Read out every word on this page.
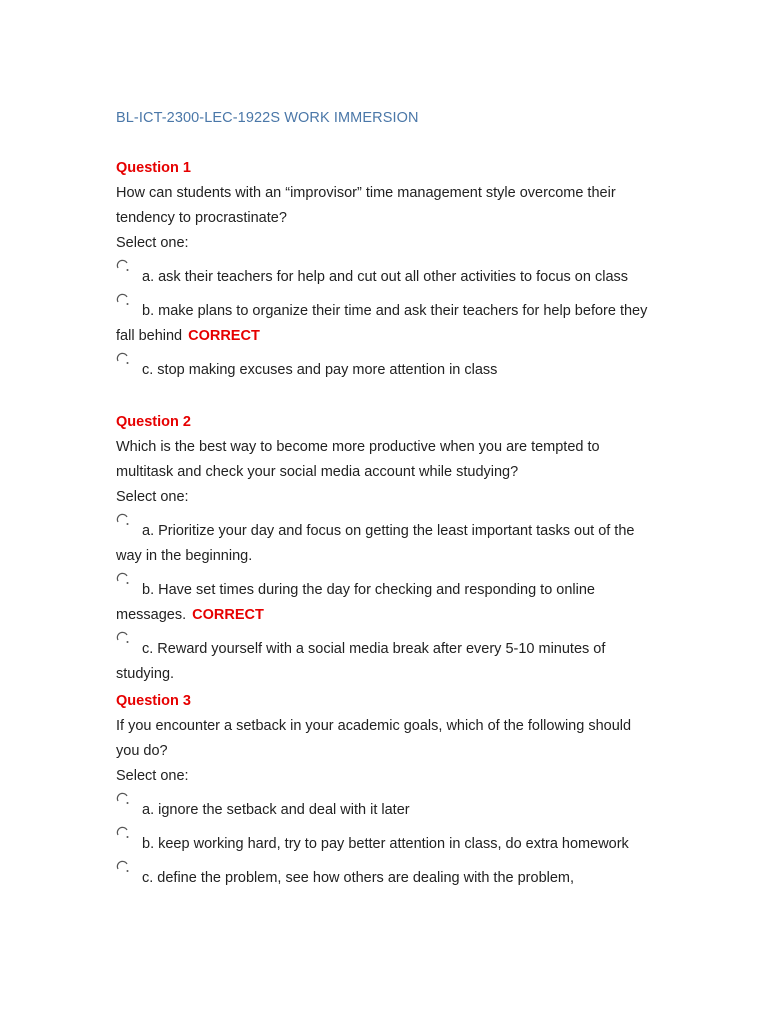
BL-ICT-2300-LEC-1922S WORK IMMERSION
Question 1
How can students with an “improvisor” time management style overcome their tendency to procrastinate?
Select one:
a. ask their teachers for help and cut out all other activities to focus on class
b. make plans to organize their time and ask their teachers for help before they fall behind CORRECT
c. stop making excuses and pay more attention in class
Question 2
Which is the best way to become more productive when you are tempted to multitask and check your social media account while studying?
Select one:
a. Prioritize your day and focus on getting the least important tasks out of the way in the beginning.
b. Have set times during the day for checking and responding to online messages. CORRECT
c. Reward yourself with a social media break after every 5-10 minutes of studying.
Question 3
If you encounter a setback in your academic goals, which of the following should you do?
Select one:
a. ignore the setback and deal with it later
b. keep working hard, try to pay better attention in class, do extra homework
c. define the problem, see how others are dealing with the problem,
